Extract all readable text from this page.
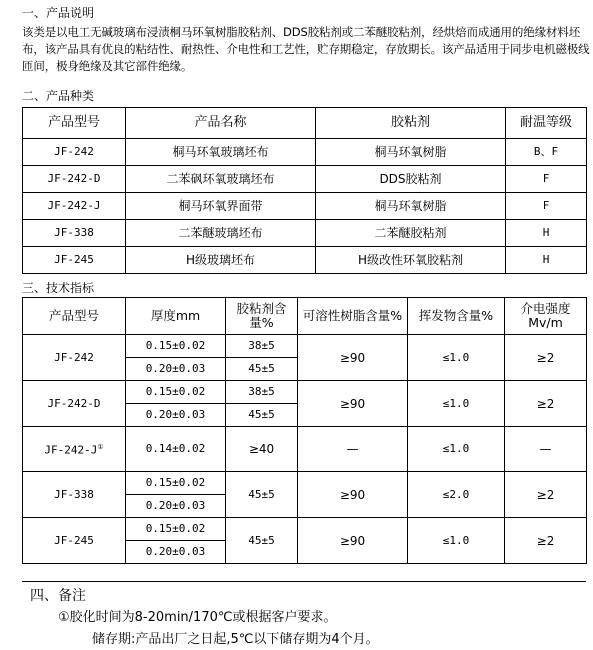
一、产品说明
该类是以电工无碱玻璃布浸渍桐马环氧树脂胶粘剂、DDS胶粘剂或二苯醚胶粘剂，经烘焙而成通用的绝缘材料坯布，该产品具有优良的粘结性、耐热性、介电性和工艺性，贮存期稳定，存放期长。该产品适用于同步电机磁极线匝间，极身绝缘及其它部件绝缘。
二、产品种类
产品型号	产品名称	胶粘剂	耐温等级
JF-242	桐马环氧玻璃坯布	桐马环氧树脂	B、F
JF-242-D	二苯砜环氧玻璃坯布	DDS胶粘剂	F
JF-242-J	桐马环氧界面带	桐马环氧树脂	F
JF-338	二苯醚玻璃坯布	二苯醚胶粘剂	H
JF-245	H级玻璃坯布	H级改性环氧胶粘剂	H
三、技术指标
产品型号	厚度mm	胶粘剂含量%	可溶性树脂含量%	挥发物含量%	介电强度Mv/m
JF-242	0.15±0.02	38±5	≥90	≤1.0	≥2
	0.20±0.03	45±5			
JF-242-D	0.15±0.02	38±5	≥90	≤1.0	≥2
	0.20±0.03	45±5			
JF-242-J①	0.14±0.02	≥40	—	≤1.0	—
JF-338	0.15±0.02	45±5	≥90	≤2.0	≥2
	0.20±0.03				
JF-245	0.15±0.02	45±5	≥90	≤1.0	≥2
	0.20±0.03				
四、备注
①胶化时间为8-20min/170℃或根据客户要求。
储存期:产品出厂之日起,5℃以下储存期为4个月。
